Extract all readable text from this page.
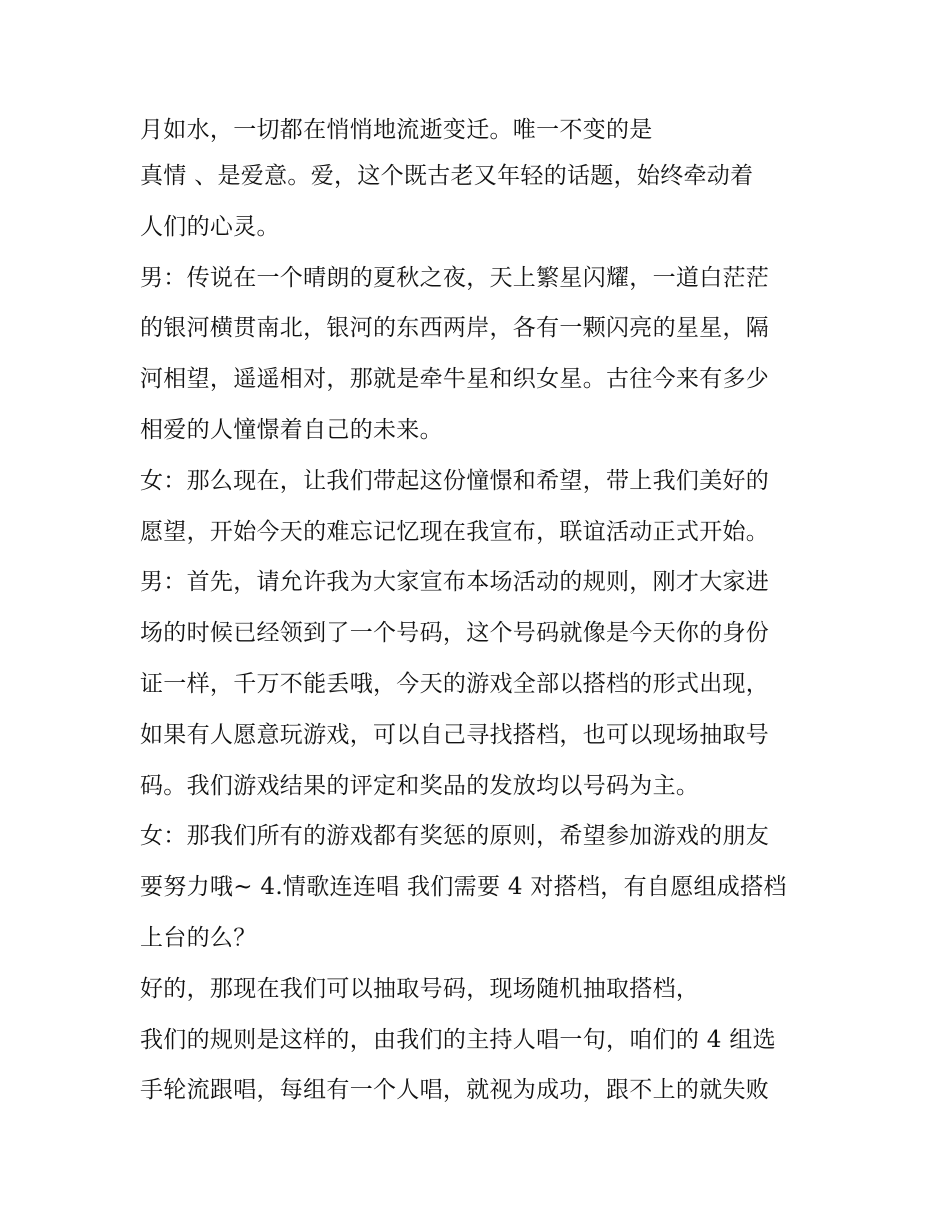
月如水，一切都在悄悄地流逝变迁。唯一不变的是
真情 、是爱意。爱，这个既古老又年轻的话题，始终牵动着
人们的心灵。
男：传说在一个晴朗的夏秋之夜，天上繁星闪耀，一道白茫茫
的银河横贯南北，银河的东西两岸，各有一颗闪亮的星星，隔
河相望，遥遥相对，那就是牵牛星和织女星。古往今来有多少
相爱的人憧憬着自己的未来。
女：那么现在，让我们带起这份憧憬和希望，带上我们美好的
愿望，开始今天的难忘记忆现在我宣布，联谊活动正式开始。
男：首先，请允许我为大家宣布本场活动的规则，刚才大家进
场的时候已经领到了一个号码，这个号码就像是今天你的身份
证一样，千万不能丢哦，今天的游戏全部以搭档的形式出现，
如果有人愿意玩游戏，可以自己寻找搭档，也可以现场抽取号
码。我们游戏结果的评定和奖品的发放均以号码为主。
女：那我们所有的游戏都有奖惩的原则，希望参加游戏的朋友
要努力哦~ 4.情歌连连唱 我们需要 4 对搭档，有自愿组成搭档
上台的么？
好的，那现在我们可以抽取号码，现场随机抽取搭档，
我们的规则是这样的，由我们的主持人唱一句，咱们的 4 组选
手轮流跟唱，每组有一个人唱，就视为成功，跟不上的就失败
